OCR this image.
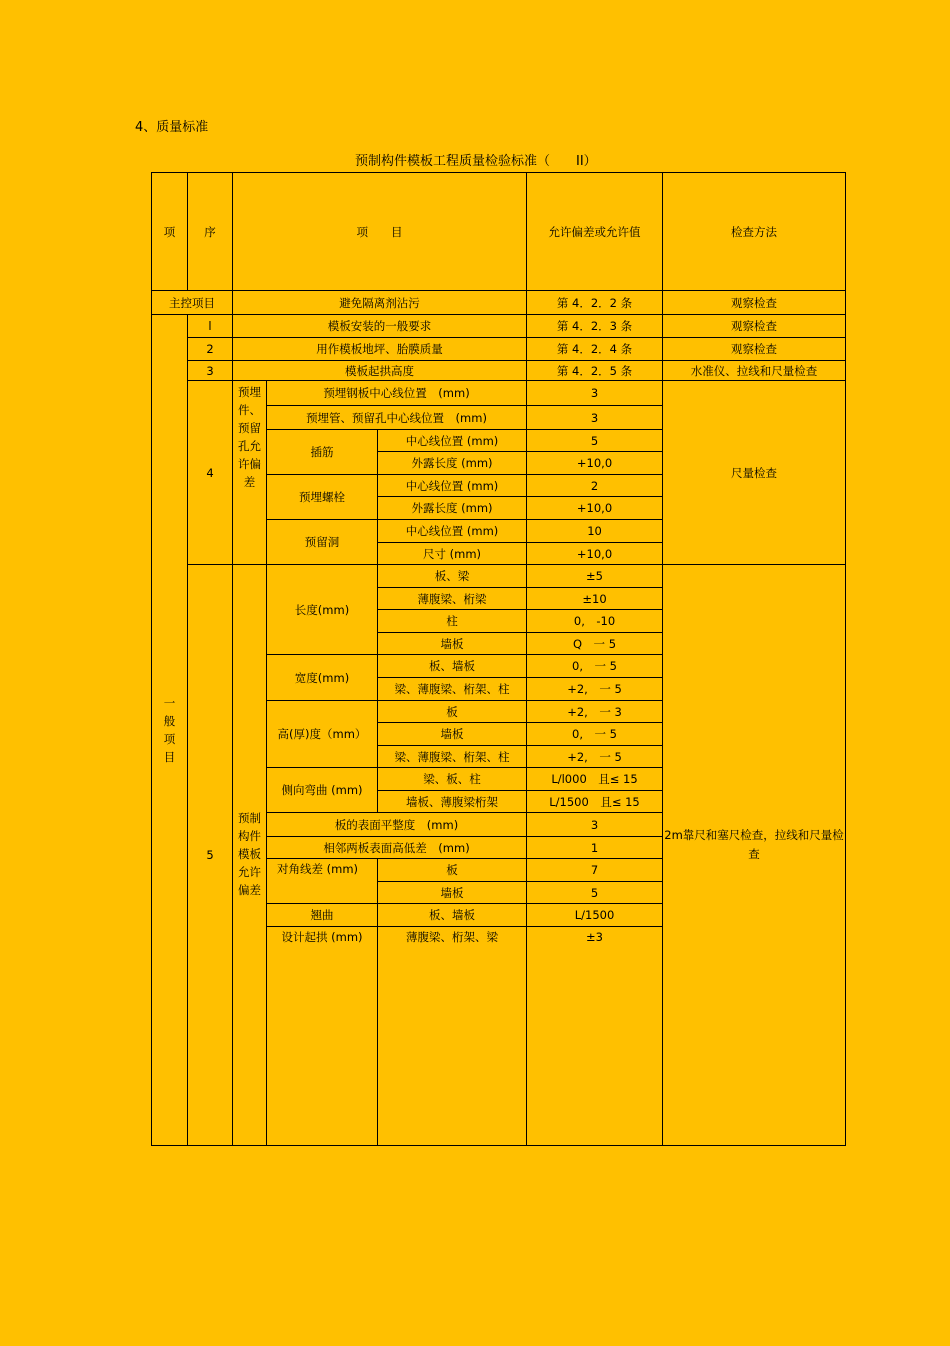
4、质量标准
预制构件模板工程质量检验标准（　　II）
项	序	项　　目			允许偏差或允许值	检查方法
主控项目		避免隔离剂沾污			第 4．2．2 条	观察检查

一般项目	l	模板安装的一般要求			第 4．2．3 条	观察检查
	2	用作模板地坪、胎膜质量			第 4．2．4 条	观察检查
	3	模板起拱高度			第 4．2．5 条	水准仪、拉线和尺量检查
	4	预埋件、预留孔允许偏差	预埋钢板中心线位置　(mm)		3	尺量检查
			预埋管、预留孔中心线位置　(mm)		3	
			插筋	中心线位置 (mm)	5	
				外露长度 (mm)	+10,0	
			预埋螺栓	中心线位置 (mm)	2	
				外露长度 (mm)	+10,0	
			预留洞	中心线位置 (mm)	10	
				尺寸 (mm)	+10,0	
	5	预制构件模板允许偏差	长度(mm)	板、梁	±5	2m靠尺和塞尺检查，拉线和尺量检查

				薄腹梁、桁梁	±10	
				柱	0,　-10	
				墙板	Q　一 5	
			宽度(mm)	板、墙板	0,　一 5	
				梁、薄腹梁、桁架、柱	+2,　一 5	
			高(厚)度（mm）	板	+2,　一 3	
				墙板	0,　一 5	
				梁、薄腹梁、桁架、柱	+2,　一 5	
			侧向弯曲 (mm)	梁、板、柱	L/l000　且≤ 15	
				墙板、薄腹梁桁架	L/1500　且≤ 15	
			板的表面平整度　(mm)		3	
			相邻两板表面高低差　(mm)		1	
			对角线差 (mm)	板	7	
				墙板	5	
			翘曲	板、墙板	L/1500	
			设计起拱 (mm)	薄腹梁、桁架、梁	±3	
